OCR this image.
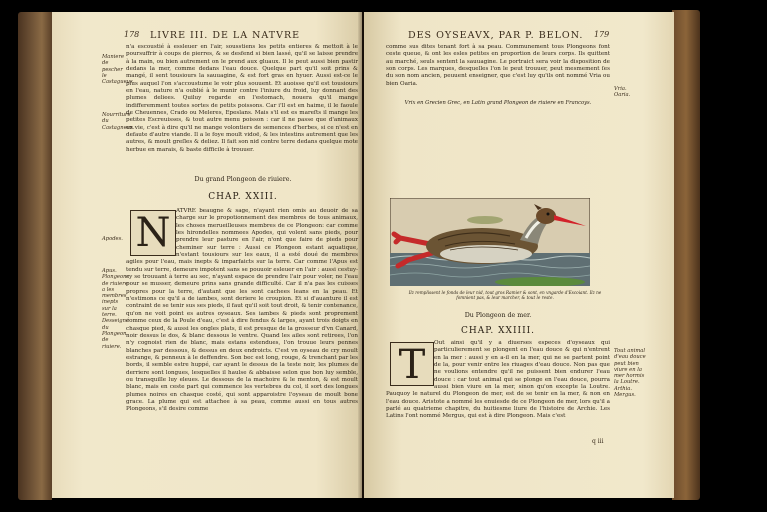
178 LIVRE III. DE LA NATVRE
n'a escoustié à essleuer en l'air, sousstiens les petits entieres & mettoit à le poursuffrir à coups de pierres, & se desfend si bien lassé, qu'il se laisse prendre à la main, ou bien autrement on le prend aux gluaux. Il le peut aussi bien pastir dedans la mer, comme dedans l'eau douce. Quelque part qu'il soit prins & mangé, il sent tousiours la sauuagine, & est fort gras en hyuer. Aussi est-ce le plus auquel l'on s'accoustume le voir plus souuent. Et auoisse qu'il est tousiours en l'eau, nature n'a oublié à le munir contre l'iniure du froid, luy donnant des plumes deliees. Quiluy regarde en l'estomach, nouera qu'il mange indifferemment toutes sortes de petits poissons. Car i'll est en haime, il le faoule de Cheuennes, Crado ou Meleres, Epeslans. Mais s'il est es mareſts il mange les petites Escreuisses, & tout autre menu poisson : car il ne passe que d'animaux en vie, c'est à dire qu'il ne mange volontiers de semences d'herbes, si ce n'est en defaute d'autre viande. Il a le foye moult vidoë, & les intestins autrement que les autres, & moult greſles & deliez. Il fait son nid contre terre dedans quelque mote herbue en marais, & baste difficile à trouuer.
Maniere de pescher le Castagueux.
Nourriture du Castagneux.
Du grand Plongeon de riuiere.
CHAP. XXIII.
N ATVRE beaugne & sage, n'ayant rien omis au deuoir de sa charge sur le propotionnement des membres de tous animaux, les choses merueilleuses membres de ce Plongeon: car comme les hirondelles nommees Apodes, qui volent sans pieds, pour prendre leur pasture en l'air, n'ont que faire de pieds pour cheminer sur terre : Aussi ce Plongeon estant aquatique, n'estant tousiours sur les eaux, il a esté doué de membres agiles pour l'eau, mais inepts & imparfaicts sur la terre. Car comme l'Apus est tendu sur terre, demeure impotent sans se pouuoir esleuer en l'air : aussi cestuy-cy se trouuant à terre au sec, n'ayant espace de prendre l'air pour voler, ne l'eau pour se musser, demeure prins sans grande difficulté. Car il n'a pas les cuisses propres pour la terre, d'autant que les sont cachees leans en la peau. Et n'estimons ce qu'il a de iambes, sont deriere le croupion. Et si d'auanture il est contraint de se tenir sus ses pieds, il faut qu'il soit tout droit, & tenir contenance, qu'on ne voit point es autres oyseaux. Ses iambes & pieds sont proprement comme ceux de la Poule d'eau, c'est à dire fendus & larges, ayant trois doigts en chasque pied, & aussi les ongles plats, il est presque de la grosseur d'vn Canard, noir dessus le dos, & blanc dessous le ventre. Quand les ailes sont retirees, l'on n'y cognoist rien de blanc, mais estans estendues, l'on trouue leurs pennes blanches par dessous, & dessus en deux endroicts. C'est vn oyseau de cry moult estrange, & penneux à le deffendre. Son bec est long, rouge, & trenchant par les bords, il semble estre huppé, car ayant le dessus de la teste noir, les plumes de derriere sont longues, lesquelles il haulse & abbaisse selon que bon luy semble, ou transquille luy eleues. Le dessous de la machoire & le menton, & est moult blanc, mais en ceste part qui commence les vertebres du col, il sort des longues plumes noires en chasque costé, qui sont apparoistre l'oyseau de moult bone grace. La plume qui est attachee à sa peau, comme aussi en tous autres Plongeons, s'il desire comme

Apodes.
Apus. Plongeons de riuiere a les membres inepts sur la terre. Desseigné du Plongeon de riuiere.
DES OYSEAVX, PAR P. BELON. 179
comme sus dites tenant fort à sa peau. Communement tous Plongeons font ceste queue, & ont les esles petites en proportion de leurs corps. Ils quittent au marché, seuls sentent la sauuagine. Le portraict sera voir la disposition de son corps. Les marques, desquelles l'on le peut trouuer, peut mesmement ſes du son nom ancien, peuuent enseigner, que c'est luy qu'ils ont nommé Vria ou bien Oaria.
Vria. Oaria.
Vrix en Grecien Grec, en Latin grand Plongeon de riuiere en Francoys.
Ilz remplissent le fonds de leur nid, tout gros Ramier & sont, en vngarde d'Escoiant. Ilz ne fomnient pas, & leur marcher, & tout le reste.
Du Plongeon de mer.
CHAP. XXIIII.
T	Out ainsi qu'il y a diuerses especes d'oyseaux qui particulierement se plongent en l'eau douce & qui n'entrent en la mer : aussi y en a-il en la mer, qui ne se partent point de la, pour venir entre les riuages d'eau douce. Non pas que ne voulions entendre qu'il ne puissent bien endurer l'eau douce : car tout animal qui se plonge en l'eau douce, pourra aussi bien viure en la mer, sinon qu'on excepte la Loutre. Pauquoy le naturel du Plongeon de mer, est de se tenir en la mer, & non en l'eau douce. Aristote a nommé les enuiesde de ce Plongeon de mer, lors qu'il a parlé au quatrieme chapitre, du huitiesme liure de l'histoire de Archie. Les Latins l'ont nommé Mergus, qui est à dire Plongeon. Mais c'est

Tout animal d'eau douce peut bien viure en la mer hormis la Loutre. Arthia. Mergus.
q iii
